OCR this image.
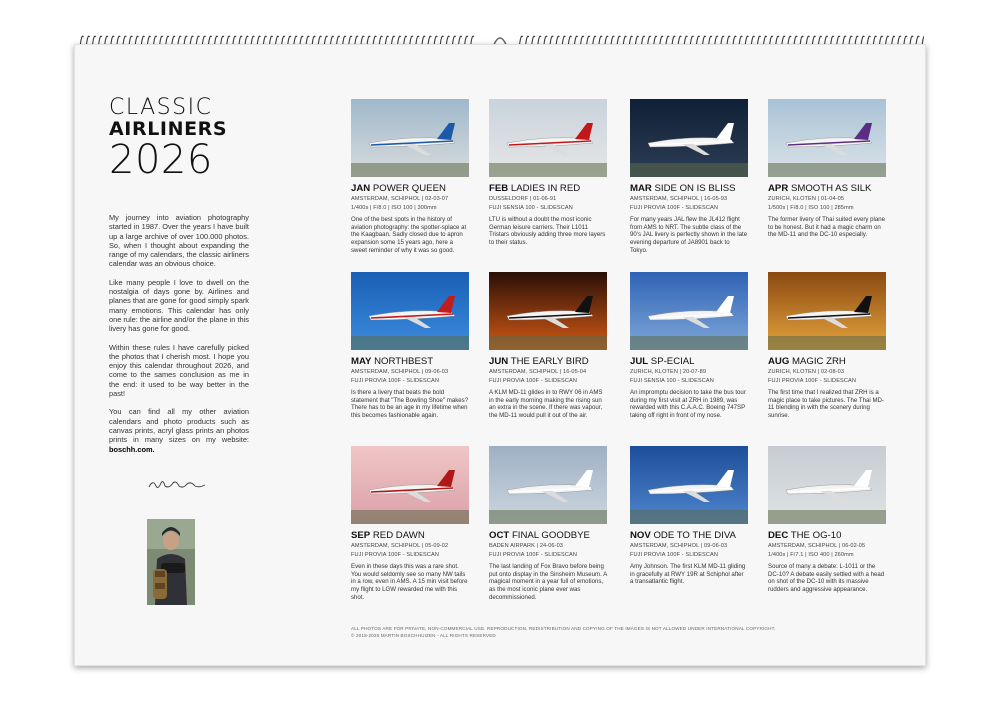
CLASSIC
AIRLINERS
2026

My journey into aviation photography started in 1987. Over the years I have built up a large archive of over 100.000 photos. So, when I thought about expanding the range of my calendars, the classic airliners calendar was an obvious choice.

Like many people I love to dwell on the nostalgia of days gone by. Airlines and planes that are gone for good simply spark many emotions. This calendar has only one rule: the airline and/or the plane in this livery has gone for good.

Within these rules I have carefully picked the photos that I cherish most. I hope you enjoy this calendar throughout 2026, and come to the sames conclusion as me in the end: it used to be way better in the past!

You can find all my other aviation calendars and photo products such as canvas prints, acryl glass prints an photos prints in many sizes on my website: boschh.com.

JAN POWER QUEEN
AMSTERDAM, SCHIPHOL | 02-03-07
1/400s | F/8.0 | ISO 100 | 300mm
One of the best spots in the history of aviation photography: the spotter-splace at the Kaagbaan. Sadly closed due to apron expansion some 15 years ago, here a sweet reminder of why it was so good.
FEB LADIES IN RED
DUSSELDORF | 01-06-91
FUJI SENSIA 100 - SLIDESCAN
LTU is without a doubt the most iconic German leisure carriers. Their L1011 Tristars obviously adding three more layers to their status.
MAR SIDE ON IS BLISS
AMSTERDAM, SCHIPHOL | 16-05-93
FUJI PROVIA 100F - SLIDESCAN
For many years JAL flew the JL412 flight from AMS to NRT. The subtle class of the 90's JAL livery is perfectly shown in the late evening departure of JA8901 back to Tokyo.
APR SMOOTH AS SILK
ZURICH, KLOTEN | 01-04-05
1/500s | F/8.0 | ISO 100 | 285mm
The former livery of Thai suited every plane to be honest. But it had a magic charm on the MD-11 and the DC-10 especially.
MAY NORTHBEST
AMSTERDAM, SCHIPHOL | 09-06-03
FUJI PROVIA 100F - SLIDESCAN
Is there a livery that beats the bold statement that "The Bowling Shoe" makes? There has to be an age in my lifetime when this becomes fashionable again.
JUN THE EARLY BIRD
AMSTERDAM, SCHIPHOL | 16-05-04
FUJI PROVIA 100F - SLIDESCAN
A KLM MD-11 glides in to RWY 06 in AMS in the early morning making the rising sun an extra in the scene. If there was vapour, the MD-11 would pull it out of the air.
JUL SP-ECIAL
ZURICH, KLOTEN | 20-07-89
FUJI SENSIA 100 - SLIDESCAN
An impromptu decision to take the bus tour during my first visit at ZRH in 1989, was rewarded with this C.A.A.C. Boeing 747SP taking off right in front of my nose.
AUG MAGIC ZRH
ZURICH, KLOTEN | 02-08-03
FUJI PROVIA 100F - SLIDESCAN
The first time that I realized that ZRH is a magic place to take pictures. The Thai MD-11 blending in with the scenery during sunrise.
SEP RED DAWN
AMSTERDAM, SCHIPHOL | 05-09-02
FUJI PROVIA 100F - SLIDESCAN
Even in these days this was a rare shot. You would seldomly see so many NW tails in a row, even in AMS. A 15 min visit before my flight to LGW rewarded me with this shot.
OCT FINAL GOODBYE
BADEN AIRPARK | 24-06-03
FUJI PROVIA 100F - SLIDESCAN
The last landing of Fox Bravo before being put onto display in the Sinsheim Museum. A magical moment in a year full of emotions, as the most iconic plane ever was decommissioned.
NOV ODE TO THE DIVA
AMSTERDAM, SCHIPHOL | 09-06-03
FUJI PROVIA 100F - SLIDESCAN
Amy Johnson. The first KLM MD-11 gliding in gracefully at RWY 19R at Schiphol after a transatlantic flight.
DEC THE OG-10
AMSTERDAM, SCHIPHOL | 06-02-05
1/400s | F/7.1 | ISO 400 | 260mm
Source of many a debate: L-1011 or the DC-10? A debate easily settled with a head on shot of the DC-10 with its massive rudders and aggressive appearance.
ALL PHOTOS ARE FOR PRIVATE, NON-COMMERCIAL USE. REPRODUCTION, REDISTRIBUTION AND COPYING OF THE IMAGES IS NOT ALLOWED UNDER INTERNATIONAL COPYRIGHT.
© 2018-2026 MARTIN BOSCHHUIZEN - ALL RIGHTS RESERVED
